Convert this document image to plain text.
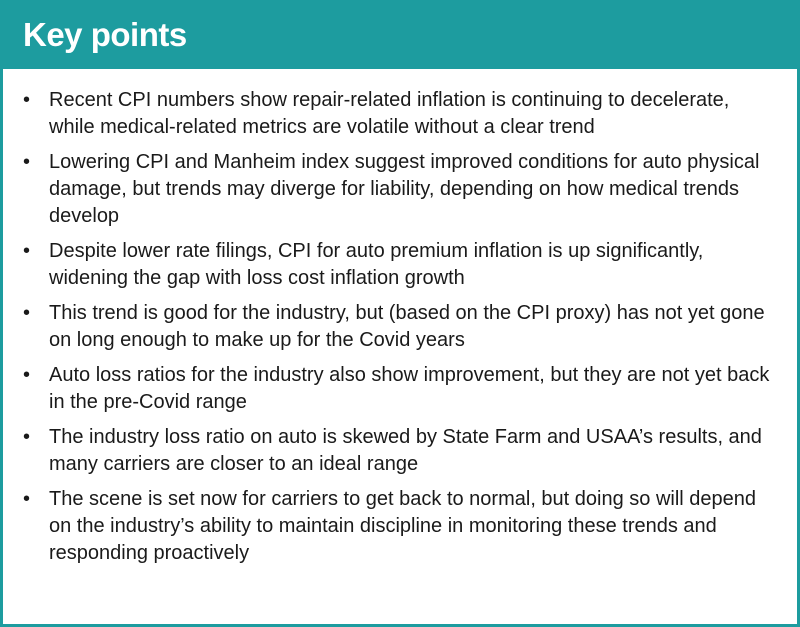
Key points
• Recent CPI numbers show repair-related inflation is continuing to decelerate, while medical-related metrics are volatile without a clear trend
• Lowering CPI and Manheim index suggest improved conditions for auto physical damage, but trends may diverge for liability, depending on how medical trends develop
• Despite lower rate filings, CPI for auto premium inflation is up significantly, widening the gap with loss cost inflation growth
• This trend is good for the industry, but (based on the CPI proxy) has not yet gone on long enough to make up for the Covid years
• Auto loss ratios for the industry also show improvement, but they are not yet back in the pre-Covid range
• The industry loss ratio on auto is skewed by State Farm and USAA’s results, and many carriers are closer to an ideal range
• The scene is set now for carriers to get back to normal, but doing so will depend on the industry’s ability to maintain discipline in monitoring these trends and responding proactively
